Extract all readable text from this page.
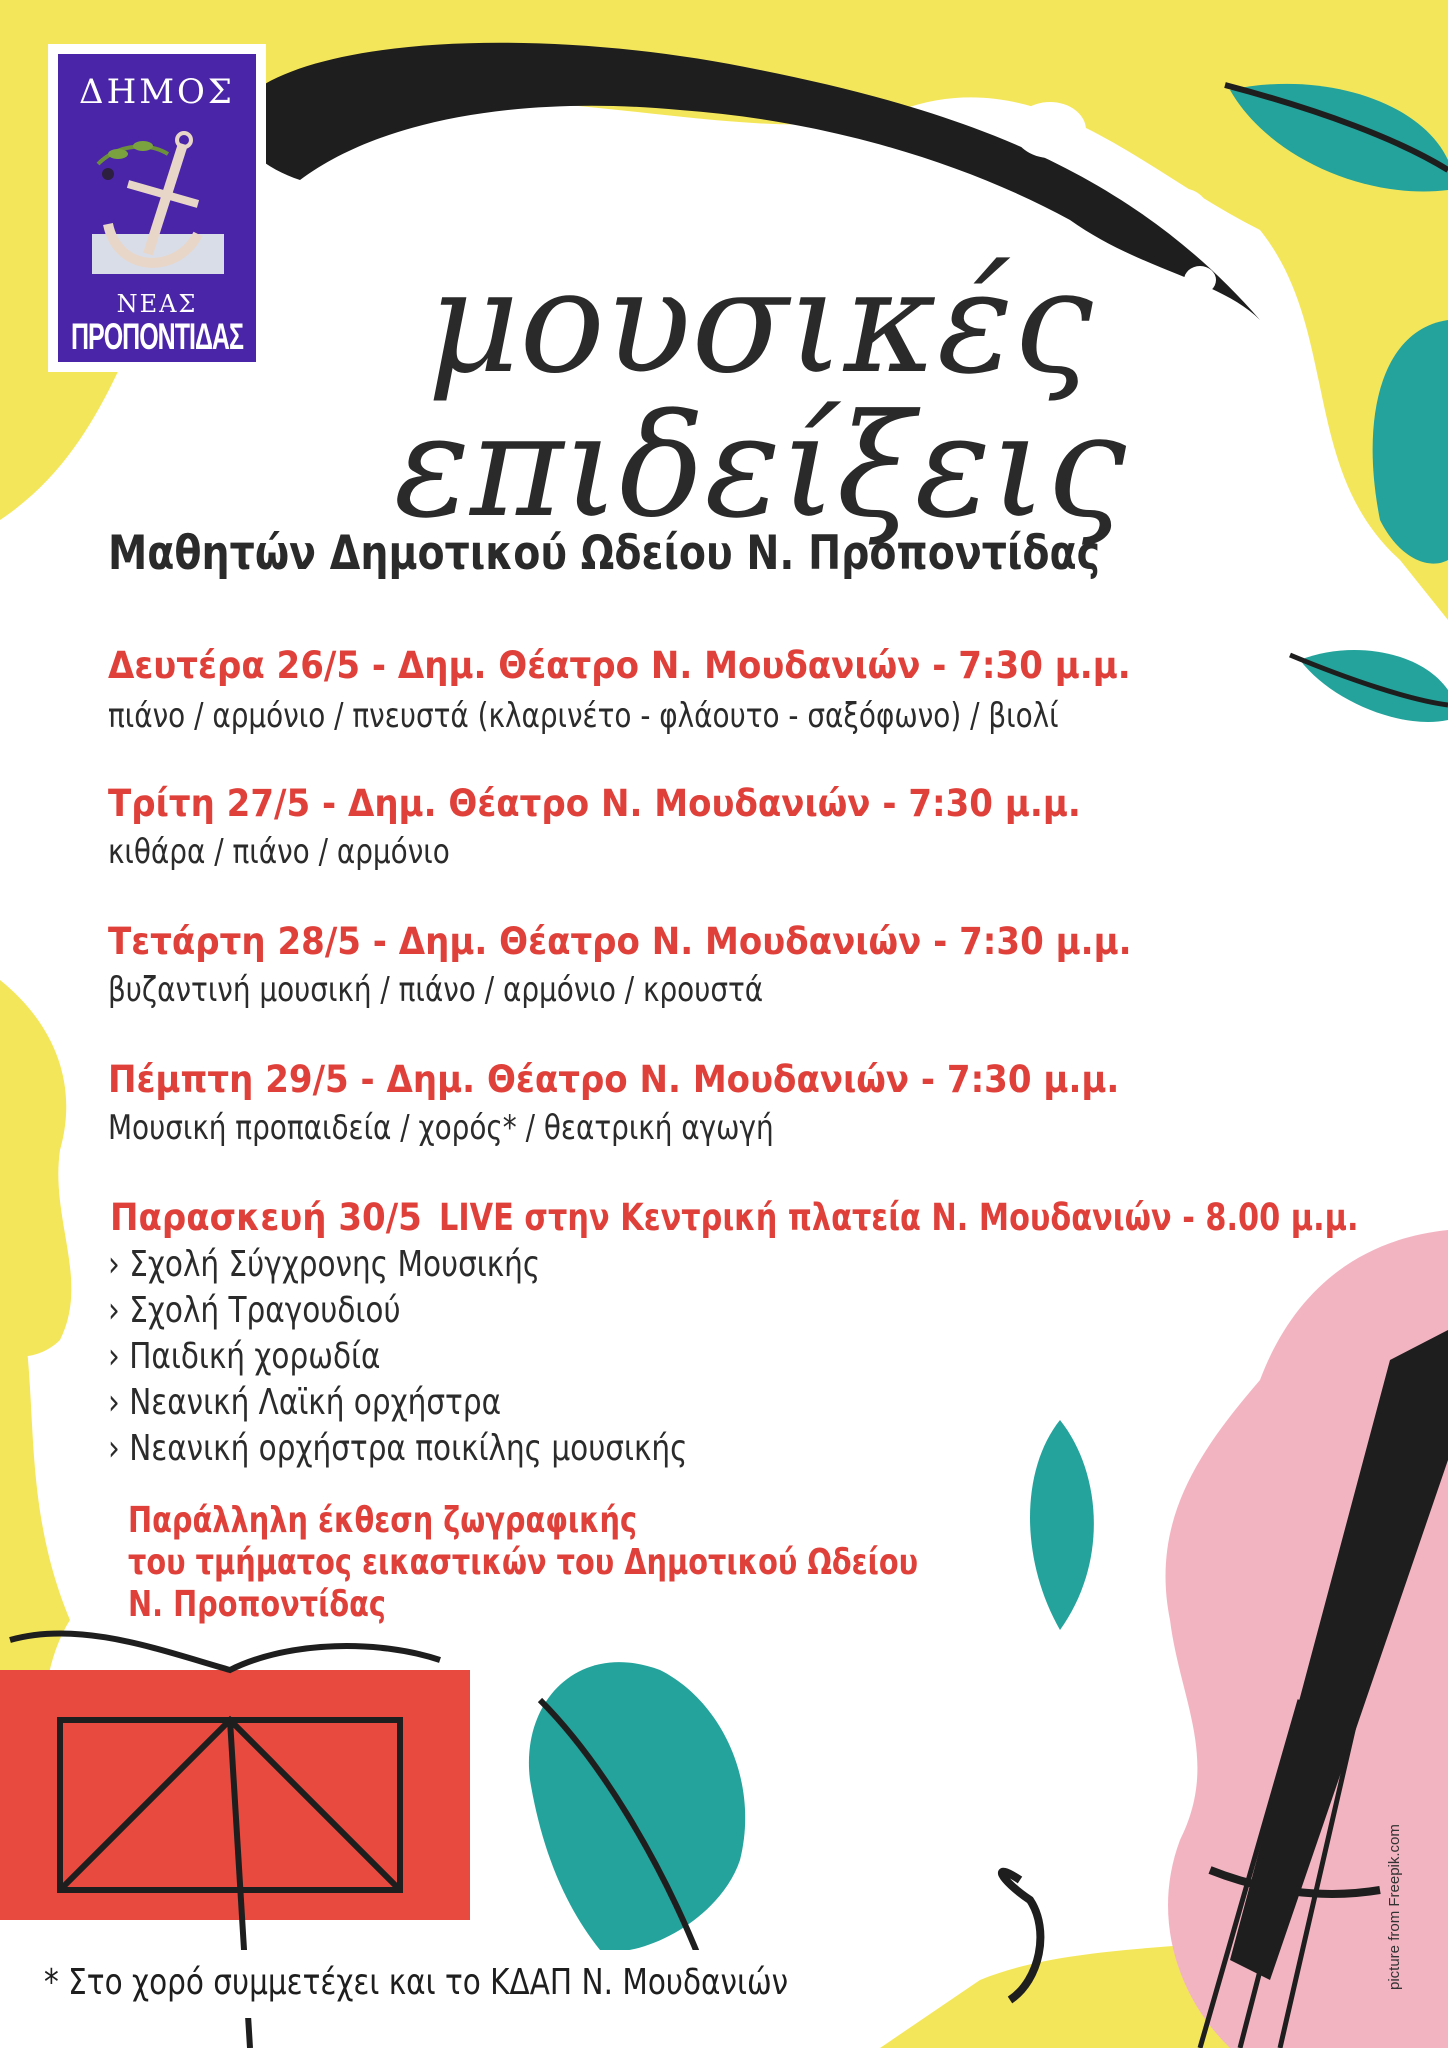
ΔΗΜΟΣ
ΝΕΑΣ
ΠΡΟΠΟΝΤΙΔΑΣ	μουσικές
επιδείξεις
Μαθητών Δημοτικού Ωδείου Ν. Προποντίδας
Δευτέρα 26/5 - Δημ. Θέατρο Ν. Μουδανιών - 7:30 μ.μ.
πιάνο / αρμόνιο / πνευστά (κλαρινέτο - φλάουτο - σαξόφωνο) / βιολί
Τρίτη 27/5 - Δημ. Θέατρο Ν. Μουδανιών - 7:30 μ.μ.
κιθάρα / πιάνο / αρμόνιο
Τετάρτη 28/5 - Δημ. Θέατρο Ν. Μουδανιών - 7:30 μ.μ.
βυζαντινή μουσική / πιάνο / αρμόνιο / κρουστά
Πέμπτη 29/5 - Δημ. Θέατρο Ν. Μουδανιών - 7:30 μ.μ.
Μουσική προπαιδεία / χορός* / θεατρική αγωγή
Παρασκευή 30/5 LIVE στην Κεντρική πλατεία Ν. Μουδανιών - 8.00 μ.μ.
› Σχολή Σύγχρονης Μουσικής
› Σχολή Τραγουδιού
› Παιδική χορωδία
› Νεανική Λαϊκή ορχήστρα
› Νεανική ορχήστρα ποικίλης μουσικής
Παράλληλη έκθεση ζωγραφικής
του τμήματος εικαστικών του Δημοτικού Ωδείου
Ν. Προποντίδας
* Στο χορό συμμετέχει και το ΚΔΑΠ Ν. Μουδανιών	picture from Freepik.com
